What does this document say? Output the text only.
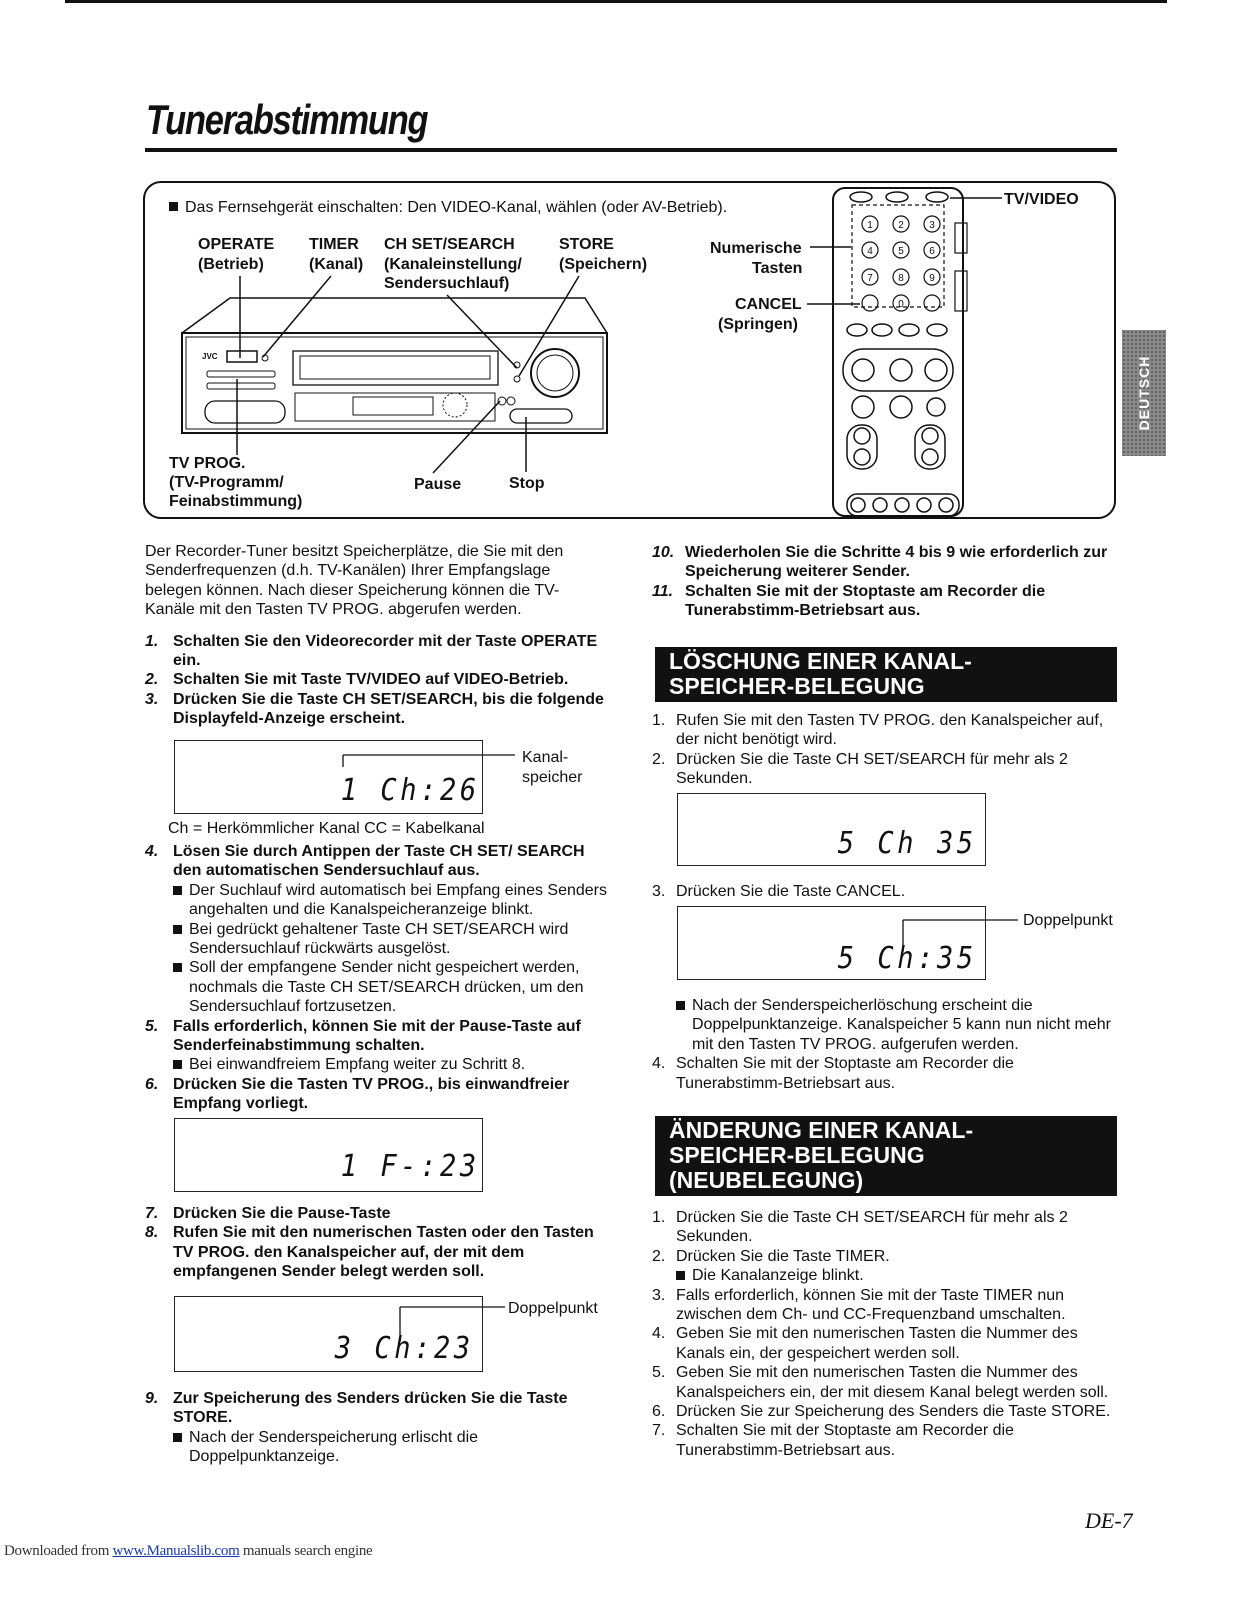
Tunerabstimmung
DEUTSCH
Das Fernsehgerät einschalten: Den VIDEO-Kanal, wählen (oder AV-Betrieb).
OPERATE
(Betrieb)
TIMER
(Kanal)
CH SET/SEARCH
(Kanaleinstellung/
Sendersuchlauf)
STORE
(Speichern)
TV PROG.
(TV-Programm/
Feinabstimmung)
Pause	Stop
Numerische
Tasten
CANCEL
(Springen)
TV/VIDEO
JVC
1	2	3
4	5	6
7	8	9
0

Der Recorder-Tuner besitzt Speicherplätze, die Sie mit den Senderfrequenzen (d.h. TV-Kanälen) Ihrer Empfangslage belegen können. Nach dieser Speicherung können die TV-Kanäle mit den Tasten TV PROG. abgerufen werden.

1. Schalten Sie den Videorecorder mit der Taste OPERATE ein.
2. Schalten Sie mit Taste TV/VIDEO auf VIDEO-Betrieb.
3. Drücken Sie die Taste CH SET/SEARCH, bis die folgende Displayfeld-Anzeige erscheint.
1 Ch:26
Kanal-
speicher
Ch = Herkömmlicher Kanal CC = Kabelkanal
4. Lösen Sie durch Antippen der Taste CH SET/ SEARCH den automatischen Sendersuchlauf aus.
Der Suchlauf wird automatisch bei Empfang eines Senders angehalten und die Kanalspeicheranzeige blinkt.
Bei gedrückt gehaltener Taste CH SET/SEARCH wird Sendersuchlauf rückwärts ausgelöst.
Soll der empfangene Sender nicht gespeichert werden, nochmals die Taste CH SET/SEARCH drücken, um den Sendersuchlauf fortzusetzen.
5. Falls erforderlich, können Sie mit der Pause-Taste auf Senderfeinabstimmung schalten.
Bei einwandfreiem Empfang weiter zu Schritt 8.
6. Drücken Sie die Tasten TV PROG., bis einwandfreier Empfang vorliegt.
1 F-:23
7. Drücken Sie die Pause-Taste
8. Rufen Sie mit den numerischen Tasten oder den Tasten TV PROG. den Kanalspeicher auf, der mit dem empfangenen Sender belegt werden soll.
3 Ch:23
Doppelpunkt
9. Zur Speicherung des Senders drücken Sie die Taste STORE.
Nach der Senderspeicherung erlischt die Doppelpunktanzeige.
10. Wiederholen Sie die Schritte 4 bis 9 wie erforderlich zur Speicherung weiterer Sender.
11. Schalten Sie mit der Stoptaste am Recorder die Tunerabstimm-Betriebsart aus.
LÖSCHUNG EINER KANAL-
SPEICHER-BELEGUNG
1. Rufen Sie mit den Tasten TV PROG. den Kanalspeicher auf, der nicht benötigt wird.
2. Drücken Sie die Taste CH SET/SEARCH für mehr als 2 Sekunden.
5 Ch 35
3. Drücken Sie die Taste CANCEL.
5 Ch:35
Doppelpunkt
Nach der Senderspeicherlöschung erscheint die Doppelpunktanzeige. Kanalspeicher 5 kann nun nicht mehr mit den Tasten TV PROG. aufgerufen werden.
4. Schalten Sie mit der Stoptaste am Recorder die Tunerabstimm-Betriebsart aus.
ÄNDERUNG EINER KANAL-
SPEICHER-BELEGUNG
(NEUBELEGUNG)
1. Drücken Sie die Taste CH SET/SEARCH für mehr als 2 Sekunden.
2. Drücken Sie die Taste TIMER.
Die Kanalanzeige blinkt.
3. Falls erforderlich, können Sie mit der Taste TIMER nun zwischen dem Ch- und CC-Frequenzband umschalten.
4. Geben Sie mit den numerischen Tasten die Nummer des Kanals ein, der gespeichert werden soll.
5. Geben Sie mit den numerischen Tasten die Nummer des Kanalspeichers ein, der mit diesem Kanal belegt werden soll.
6. Drücken Sie zur Speicherung des Senders die Taste STORE.
7. Schalten Sie mit der Stoptaste am Recorder die Tunerabstimm-Betriebsart aus.
DE-7
Downloaded from www.Manualslib.com manuals search engine
